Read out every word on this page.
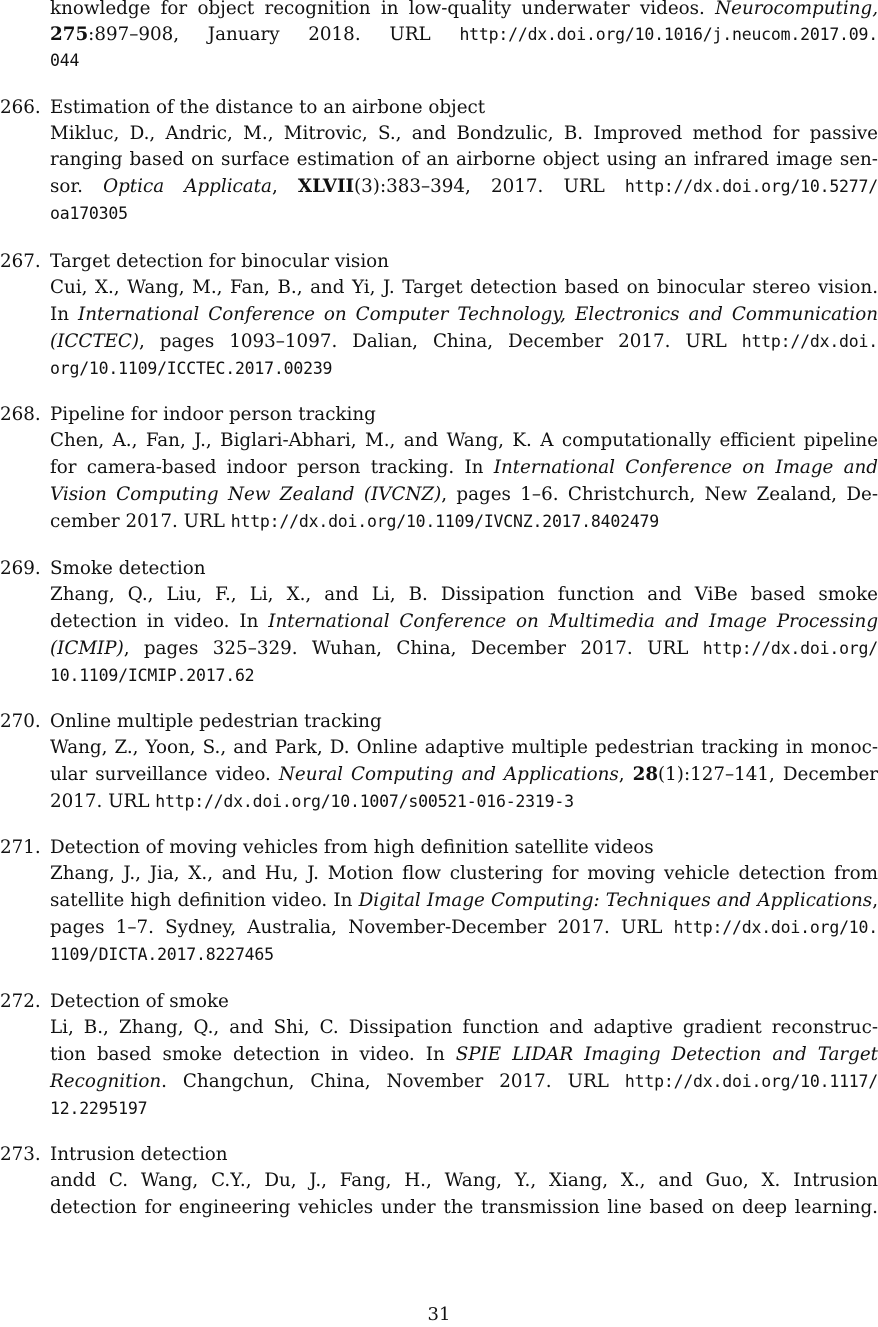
knowledge for object recognition in low-quality underwater videos. Neurocomputing,
275:897–908, January 2018. URL http://dx.doi.org/10.1016/j.neucom.2017.09.
044
266. Estimation of the distance to an airbone object
Mikluc, D., Andric, M., Mitrovic, S., and Bondzulic, B. Improved method for passive
ranging based on surface estimation of an airborne object using an infrared image sen-
sor. Optica Applicata, XLVII(3):383–394, 2017. URL http://dx.doi.org/10.5277/
oa170305
267. Target detection for binocular vision
Cui, X., Wang, M., Fan, B., and Yi, J. Target detection based on binocular stereo vision.
In International Conference on Computer Technology, Electronics and Communication
(ICCTEC), pages 1093–1097. Dalian, China, December 2017. URL http://dx.doi.
org/10.1109/ICCTEC.2017.00239
268. Pipeline for indoor person tracking
Chen, A., Fan, J., Biglari-Abhari, M., and Wang, K. A computationally efficient pipeline
for camera-based indoor person tracking. In International Conference on Image and
Vision Computing New Zealand (IVCNZ), pages 1–6. Christchurch, New Zealand, De-
cember 2017. URL http://dx.doi.org/10.1109/IVCNZ.2017.8402479
269. Smoke detection
Zhang, Q., Liu, F., Li, X., and Li, B. Dissipation function and ViBe based smoke
detection in video. In International Conference on Multimedia and Image Processing
(ICMIP), pages 325–329. Wuhan, China, December 2017. URL http://dx.doi.org/
10.1109/ICMIP.2017.62
270. Online multiple pedestrian tracking
Wang, Z., Yoon, S., and Park, D. Online adaptive multiple pedestrian tracking in monoc-
ular surveillance video. Neural Computing and Applications, 28(1):127–141, December
2017. URL http://dx.doi.org/10.1007/s00521-016-2319-3
271. Detection of moving vehicles from high definition satellite videos
Zhang, J., Jia, X., and Hu, J. Motion flow clustering for moving vehicle detection from
satellite high definition video. In Digital Image Computing: Techniques and Applications,
pages 1–7. Sydney, Australia, November-December 2017. URL http://dx.doi.org/10.
1109/DICTA.2017.8227465
272. Detection of smoke
Li, B., Zhang, Q., and Shi, C. Dissipation function and adaptive gradient reconstruc-
tion based smoke detection in video. In SPIE LIDAR Imaging Detection and Target
Recognition. Changchun, China, November 2017. URL http://dx.doi.org/10.1117/
12.2295197
273. Intrusion detection
andd C. Wang, C.Y., Du, J., Fang, H., Wang, Y., Xiang, X., and Guo, X. Intrusion
detection for engineering vehicles under the transmission line based on deep learning.
31
